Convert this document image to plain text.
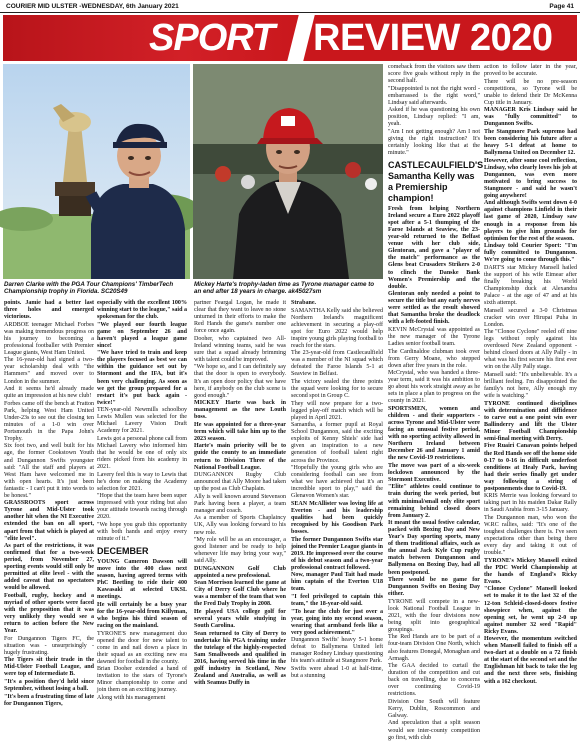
COURIER MID ULSTER -WEDNESDAY, 6th January 2021	Page 41
SPORT REVIEW 2020
Darren Clarke with the PGA Tour Champions' TimberTech Championship trophy in Florida. SC20S49
Mickey Harte's trophy-laden time as Tyrone manager came to an end after 18 years in charge. ak45027sm

points. Jamie had a better last three holes and emerged victorious.

ARDBOE teenager Michael Forbes was making tremendous progress on his journey to becoming a professional footballer with Premier League giants, West Ham United.

The 16-year-old had signed a two-year scholarship deal with "the Hammers" and moved over to London in the summer.

And it seems he'd already made quite an impression at his new club!

Forbes came off the bench at Fratton Park, helping West Ham United Under-23s to see out the closing ten minutes of a 1-0 win over Portsmouth in the Papa John's Trophy.

Six foot two, and well built for his age, the former Cookstown Youth and Dungannon Swifts youngster said: "All the staff and players at West Ham have welcomed me in with open hearts. It's just been fantastic - I can't put it into words to be honest."

GRASSROOTS sport across Tyrone and Mid-Ulster took another hit when the NI Executive extended the ban on all sport, apart from that which is played at "elite level".

As part of the restrictions, it was confirmed that for a two-week period, from November 27, sporting events would still only be permitted at elite level - with the added caveat that no spectators would be allowed.

Football, rugby, hockey and a myriad of other sports were faced with the proposition that it was very unlikely they would see a return to action before the New Year.

For Dungannon Tigers FC, the situation was - unsurprisingly - hugely frustrating.

The Tigers sit their trade in the Mid-Ulster Football League, and were top of Intermediate B.

"It's a position they'd held since September, without losing a ball.

"It's been a frustrating time of late for Dungannon Tigers,

especially with the excellent 100% winning start to the league," said a spokesman for the club.

"We played our fourth league game on September 26 and haven't played a league game since!

"We have tried to train and keep the players focused as best we can within the guidance set out by Stormont and the IFA, but it's been very challenging. As soon as we get the group prepared for a restart it's put back again - twice!"

TEN-year-old Newmills schoolboy Lewis Mullen was selected for the Michael Lavery Vision Draft Academy for 2021.

Lewis got a personal phone call from Michael Lavery who informed him that he would be one of only six riders picked from his academy in 2021.

Lavery feel this is way to Lewis that he's done on making the Academy selection for 2021.

"Hope that the team have been super impressed with your riding but also your attitude towards racing through 2020.

"We hope you grab this opportunity with both hands and enjoy every minute of it."

DECEMBER

YOUNG Cameron Dawson will move into the 400 class next season, having agreed terms with PhC Beetling to ride their 400 Kawasaki at selected UKSL meetings.

He will certainly be a busy year for the 16-year-old from Killyman, who begins his third season of racing on the mainland.

TYRONE'S new management duo opened the door for new talent to come in and nail down a place in their squad as an exciting new era dawned for football in the county.

Brian Dooher extended a hand of invitation to the stars of Tyrone's Minor championship to come and join them on an exciting journey.

Along with his management

partner Feargal Logan, he made it clear that they want to leave no stone unturned in their efforts to make the Red Hands the game's number one force once again.

Dooher, who captained two All-Ireland winning teams, said he was sure that a squad already brimming with talent could be improved.

"We hope so, and I can definitely say that the door is open to everybody. It's an open door policy that we have here, if anybody on the club scene is good enough."

MICKEY Harte was back in management as the new Louth boss.

He was appointed for a three-year term which will take him up to the 2023 season.

Harte's main priority will be to guide the county to an immediate return to Division Three of the National Football League.

DUNGANNON Rugby Club announced that Ally Moore had taken up the post as Club Chaplain.

Ally is well known around Stevenson Park having been a player, a team manager and coach.

As a member of Sports Chaplaincy UK, Ally was looking forward to his new role.

"My role will be as an encourager, a good listener and be ready to help whenever life may bring your way," said Ally.

DUNGANNON Golf Club appointed a new professional.

Sean Morrison learned the game at City of Derry Golf Club where he was a member of the team that won the Fred Daly Trophy in 2008.

He played USA college golf for several years while studying in South Carolina.

Sean returned to City of Derry to undertake his PGA training under the tutelage of the highly-respected Sam Smallwoods and qualified in 2016, having served his time in the golf industry in Scotland, New Zealand and Australia, as well as with Seamus Duffy in

Strabane.

SAMANTHA Kelly said she believed Northern Ireland's magnificent achievement in securing a play-off spot for Euro 2022 would help inspire young girls playing football to reach for the stars.

The 23-year-old from Castlecaulfield was a member of the NI squad which defeated the Faroe Islands 5-1 at Seaview in Belfast.

The victory sealed the three points the squad were looking for to secure second spot in Group C.

They will now prepare for a two-legged play-off match which will be played in April 2021.

Samantha, a former pupil at Royal School Dungannon, said the exciting exploits of Kenny Shiels' side had given an inspiration to a new generation of football talent right across the Province.

"Hopefully the young girls who are considering football can see from what we have achieved that it's an incredible sport to play," said the Glenavon Women's star.

SEAN McAllister was loving life at Everton - and his leadership qualities had been quickly recognised by his Goodison Park bosses.

The former Dungannon Swifts star joined the Premier League giants in 2019. He impressed over the course of his debut season and a two-year professional contract followed.

Now, manager Paul Tait had made him captain of the Everton U18 team.

"I feel privileged to captain this team," the 18-year-old said.

"To hear the club for just over a year, going into my second season, wearing that armband feels like a very good achievement."

Dungannon Swifts' heavy 5-1 home defeat to Ballymena United left manager Rodney Lindsay questioning his team's attitude at Stangmore Park.

Swifts were ahead 1-0 at half-time, but a stunning

comeback from the visitors saw them score five goals without reply in the second half.

"Disappointed is not the right word - embarrassed is the right word," Lindsay said afterwards.

Asked if he was questioning his own position, Lindsay replied: "I am, yeah.

"Am I not getting enough? Am I not giving the right instruction? It's certainly looking like that at the minute."

CASTLECAULFIELD'S Samantha Kelly was a Premiership champion!

Fresh from helping Northern Ireland secure a Euro 2022 playoff spot after a 5-1 thumping of the Faroe Islands at Seaview, the 23-year-old returned to the Belfast venue with her club side, Glentoran, and gave a "player of the match" performance as the Glens beat Crusaders Strikers 2-0 to clinch the Danske Bank Women's Premiership and the double.

Glentoran only needed a point to secure the title but any early nerves were settled as the result showed that Samantha broke the deadlock with a left-footed finish.

KEVIN McCrystal was appointed as the new manager of the Tyrone Ladies senior football team.

The Cardinaldoe clubman took over from Gerry Moane, who stepped down after five years in the role.

McCrystal, who was handed a three-year term, said it was his ambition to go about his work straight away as he sets in place a plan to progress on the county in 2021.

SPORTSMEN, women and children - and their supporters - across Tyrone and Mid-Ulster were facing an unusual festive period, with no sporting activity allowed in Northern Ireland between December 26 and January 1 amid the new Covid-19 restrictions.

The move was part of a six-week lockdown announced by the Stormont Executive.

"Elite" athletes could continue to train during the week period, but with minimal/small only elite sport remaining behind closed doors from January 2.

It meant the usual festive calendar, packed with Boxing Day and New Year's Day sporting sports, many of them traditional affairs, such as the annual Jack Kyle Cup rugby match between Dungannon and Ballymena on Boxing Day, had all been postponed.

There would be no game for Dungannon Swifts on Boxing Day either.

TYRONE will compete in a new-look National Football League in 2021, with the four divisions now being split into geographical groupings.

The Red Hands are to be part of a four-team Division One North, which also features Donegal, Monaghan and Armagh.

The GAA decided to curtail the duration of the competition and cut back on travelling, due to concerns over continuing Covid-19 restrictions.

Division One South will feature Kerry, Dublin, Roscommon and Galway.

And speculation that a split season would see inter-county competition go first, with club

action to follow later in the year, proved to be accurate.

There will be no pre-season competitions, so Tyrone will be unable to defend their Dr McKenna Cup title in January.

MANAGER Kris Lindsay said he was "fully committed" to Dungannon Swifts.

The Stangmore Park supremo had been considering his future after a heavy 5-1 defeat at home to Ballymena United on December 12.

However, after some cool reflection, Lindsay, who clearly loves his job at Dungannon, was even more motivated to bring success to Stangmore - and said he wasn't going anywhere!

And although Swifts went down 4-0 against champions Linfield in their last game of 2020, Lindsay saw enough in a response from his players to give him grounds for optimism for the rest of the season.

Lindsay told Courier Sport: "I'm fully committed to Dungannon. We're going to come through this."

DART'S star Mickey Mansell hailed the support of his wife Eimear after finally breaking his World Championship duck at Alexandra Palace - at the age of 47 and at his sixth attempt.

Mansell secured a 3-0 Christmas cracker win over Hirupai Puha in London.

The "Clonoe Cyclone" reeled off nine legs without reply against his overdosed New Zealand opponent - behind closed doors at Ally Pally - in what was his first secure his first ever win on the Ally Pally stage.

Mansell said: "It's unbelievable. It's a brilliant feeling. I'm disappointed the family's not here, Ally enough my wife is watching."

TYRONE continued disciplines with determination and diffidence to carve out a one point win over Ballinderry and lift the Ulster Minor Football Championship semi-final meeting with Derry.

Five Ruairi Canavan points helped the Red Hands see off the home side 0-17 to 0-16 in difficult underfoot conditions at Healy Park, having had their series finally get under way following a string of postponements due to Covid-19.

KRIS Merrie was looking forward to taking part in his maiden Dakar Rally in Saudi Arabia from 3-15 January.

The Dungannon man, who won the W.RC rallies, said: "It's one of the toughest challenges there is. I've seen expectations other than being there every day and taking it out of trouble."

TYRONE's Mickey Mansell exited the PDC World Championship at the hands of England's Ricky Evans.

"Clonoe Cyclone" Mansell looked set to make it to the last 32 of the 12-ton Schleid-closed-doors festive showpiece when, against the opening set, he went up 2-0 up against number 32 seed "Rapid" Ricky Evans.

However, the momentum switched when Mansell failed to finish off a two-dart at a double on a 72 finish at the start of the second set and the Englishman hit back to take the leg and the next three sets, finishing with a 162 checkout.
